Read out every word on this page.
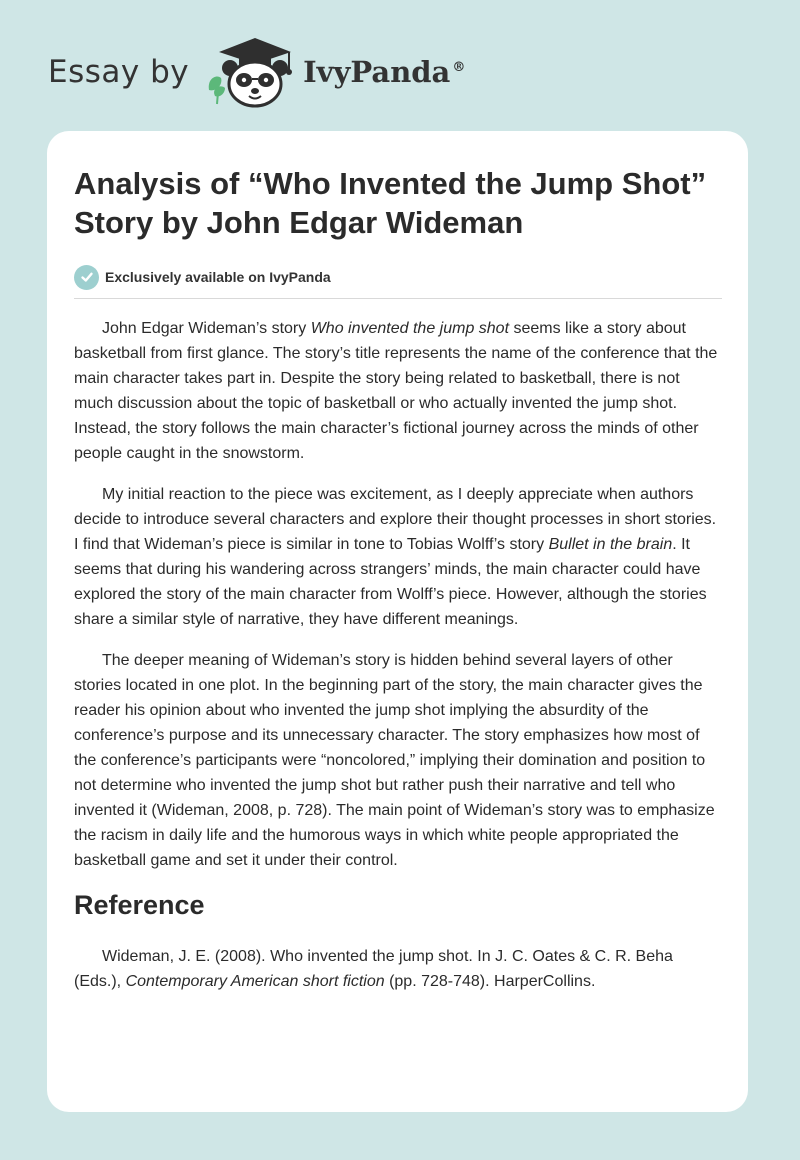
Essay by	IvyPanda ®
Analysis of “Who Invented the Jump Shot” Story by John Edgar Wideman
Exclusively available on IvyPanda

John Edgar Wideman’s story Who invented the jump shot seems like a story about basketball from first glance. The story’s title represents the name of the conference that the main character takes part in. Despite the story being related to basketball, there is not much discussion about the topic of basketball or who actually invented the jump shot. Instead, the story follows the main character’s fictional journey across the minds of other people caught in the snowstorm.

My initial reaction to the piece was excitement, as I deeply appreciate when authors decide to introduce several characters and explore their thought processes in short stories. I find that Wideman’s piece is similar in tone to Tobias Wolff’s story Bullet in the brain. It seems that during his wandering across strangers’ minds, the main character could have explored the story of the main character from Wolff’s piece. However, although the stories share a similar style of narrative, they have different meanings.

The deeper meaning of Wideman’s story is hidden behind several layers of other stories located in one plot. In the beginning part of the story, the main character gives the reader his opinion about who invented the jump shot implying the absurdity of the conference’s purpose and its unnecessary character. The story emphasizes how most of the conference’s participants were “noncolored,” implying their domination and position to not determine who invented the jump shot but rather push their narrative and tell who invented it (Wideman, 2008, p. 728). The main point of Wideman’s story was to emphasize the racism in daily life and the humorous ways in which white people appropriated the basketball game and set it under their control.

Reference

Wideman, J. E. (2008). Who invented the jump shot. In J. C. Oates & C. R. Beha (Eds.), Contemporary American short fiction (pp. 728-748). HarperCollins.
